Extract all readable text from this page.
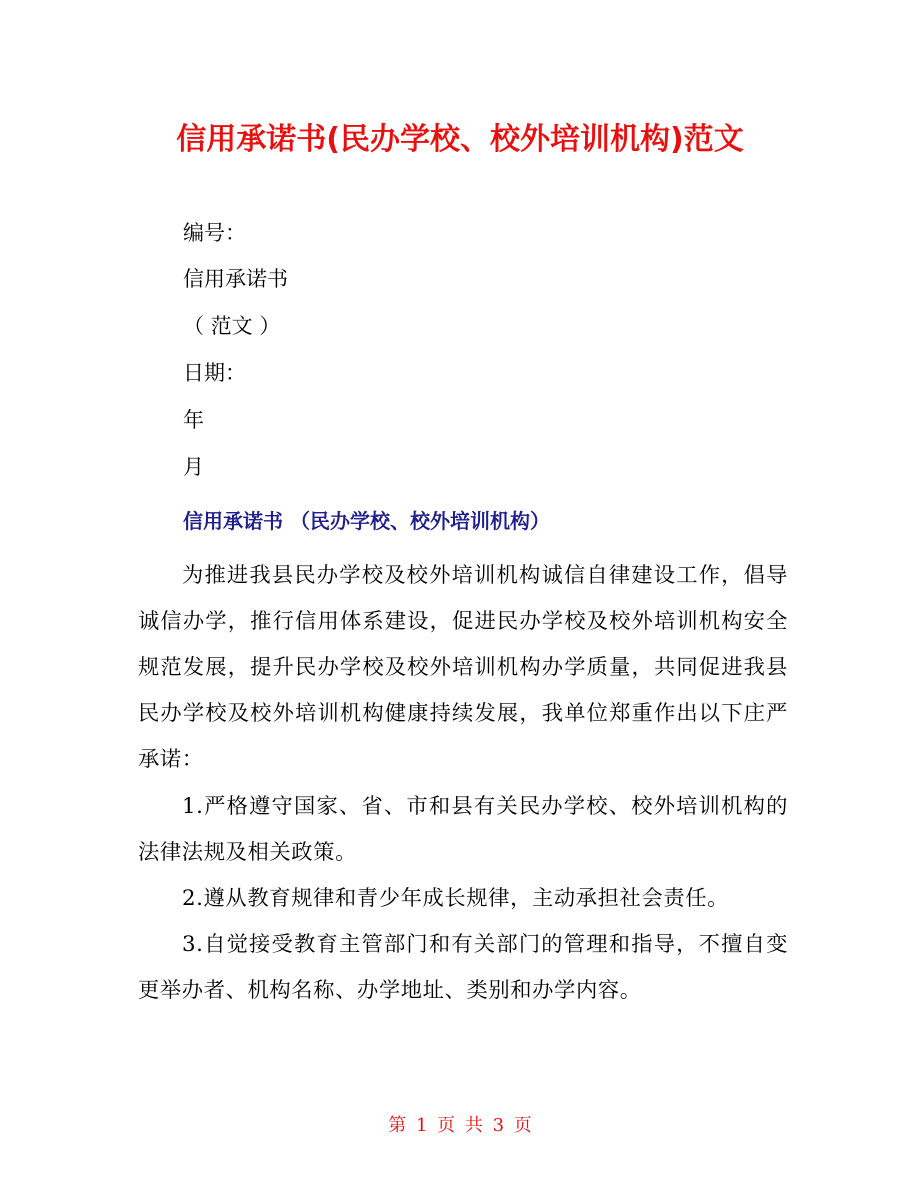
信用承诺书(民办学校、校外培训机构)范文
编号：
信用承诺书
（ 范文 ）
日期：
年
月
信用承诺书 （民办学校、校外培训机构）

为推进我县民办学校及校外培训机构诚信自律建设工作，倡导诚信办学，推行信用体系建设，促进民办学校及校外培训机构安全规范发展，提升民办学校及校外培训机构办学质量，共同促进我县民办学校及校外培训机构健康持续发展，我单位郑重作出以下庄严承诺：

1.严格遵守国家、省、市和县有关民办学校、校外培训机构的法律法规及相关政策。

2.遵从教育规律和青少年成长规律，主动承担社会责任。

3.自觉接受教育主管部门和有关部门的管理和指导，不擅自变更举办者、机构名称、办学地址、类别和办学内容。

第 1 页 共 3 页
